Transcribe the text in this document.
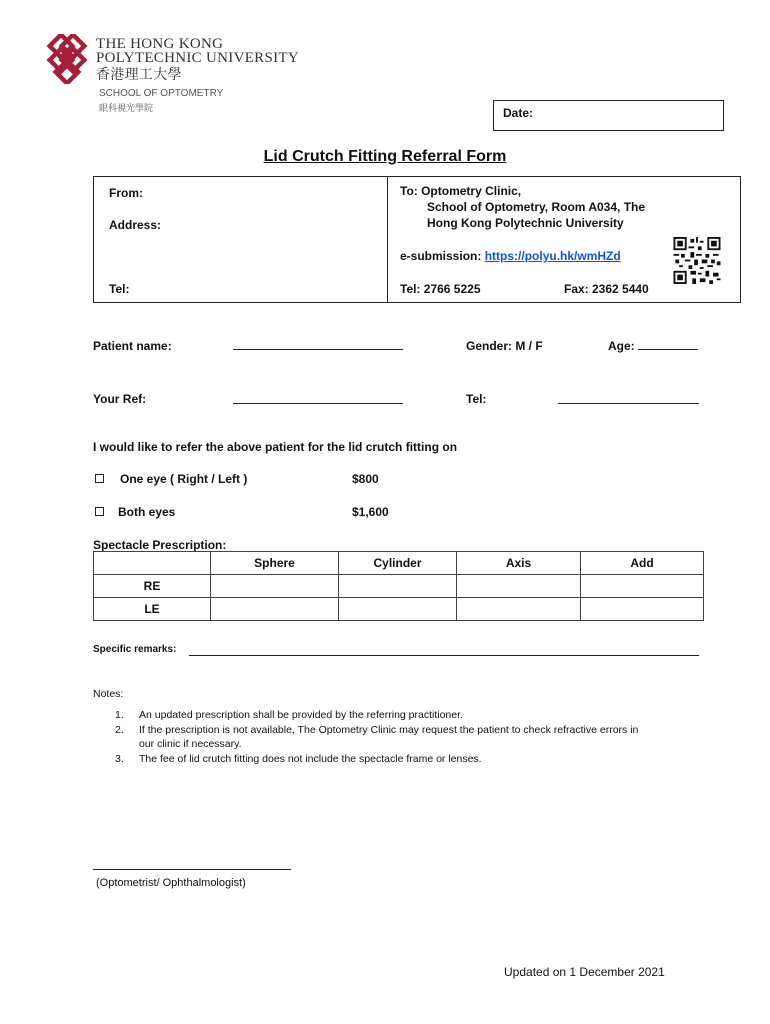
THE HONG KONG
POLYTECHNIC UNIVERSITY
香港理工大學
SCHOOL OF OPTOMETRY
眼科視光學院	Date:
Lid Crutch Fitting Referral Form
From:
Address:
Tel:
To: Optometry Clinic,
School of Optometry, Room A034, The
Hong Kong Polytechnic University
e-submission: https://polyu.hk/wmHZd
Tel: 2766 5225	Fax: 2362 5440
Patient name:	Gender: M / F	Age:
Your Ref:	Tel:
I would like to refer the above patient for the lid crutch fitting on
One eye ( Right / Left )	$800
Both eyes	$1,600
Spectacle Prescription:
	Sphere	Cylinder	Axis	Add
RE				
LE				
Specific remarks:
Notes:
1. An updated prescription shall be provided by the referring practitioner.
2. If the prescription is not available, The Optometry Clinic may request the patient to check refractive errors in
our clinic if necessary.
3. The fee of lid crutch fitting does not include the spectacle frame or lenses.
(Optometrist/ Ophthalmologist)
Updated on 1 December 2021
